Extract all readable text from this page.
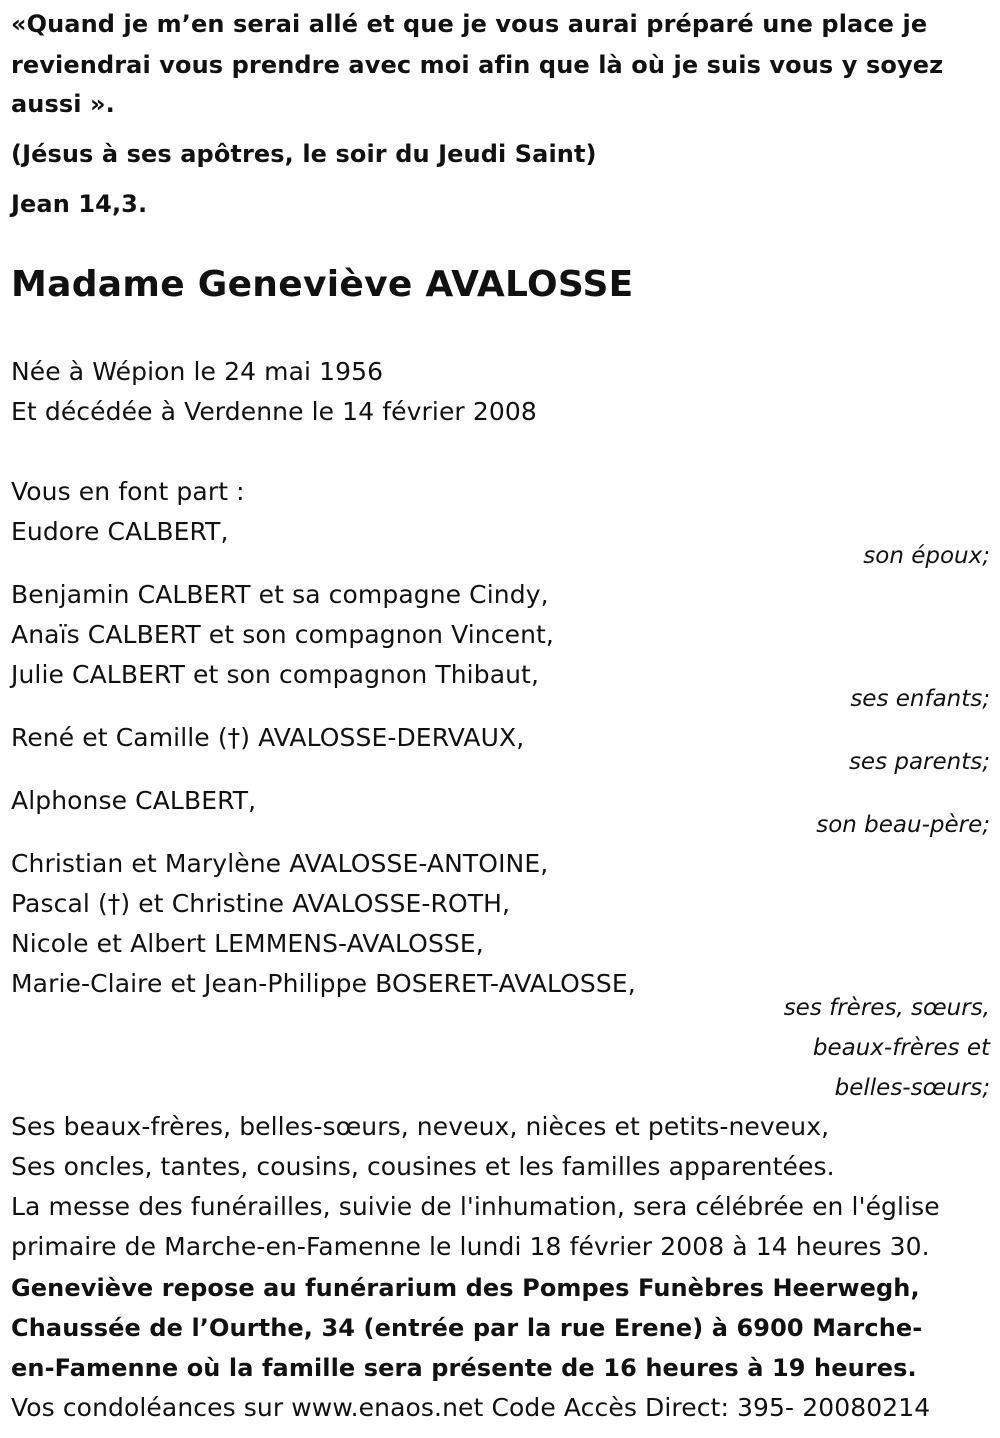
«Quand je m’en serai allé et que je vous aurai préparé une place je
reviendrai vous prendre avec moi afin que là où je suis vous y soyez
aussi ».
(Jésus à ses apôtres, le soir du Jeudi Saint)
Jean 14,3.
Madame Geneviève AVALOSSE
Née à Wépion le 24 mai 1956
Et décédée à Verdenne le 14 février 2008
Vous en font part :
Eudore CALBERT,
son époux;
Benjamin CALBERT et sa compagne Cindy,
Anaïs CALBERT et son compagnon Vincent,
Julie CALBERT et son compagnon Thibaut,
ses enfants;
René et Camille (†) AVALOSSE-DERVAUX,
ses parents;
Alphonse CALBERT,
son beau-père;
Christian et Marylène AVALOSSE-ANTOINE,
Pascal (†) et Christine AVALOSSE-ROTH,
Nicole et Albert LEMMENS-AVALOSSE,
Marie-Claire et Jean-Philippe BOSERET-AVALOSSE,
ses frères, sœurs,
beaux-frères et
belles-sœurs;
Ses beaux-frères, belles-sœurs, neveux, nièces et petits-neveux,
Ses oncles, tantes, cousins, cousines et les familles apparentées.
La messe des funérailles, suivie de l'inhumation, sera célébrée en l'église
primaire de Marche-en-Famenne le lundi 18 février 2008 à 14 heures 30.
Geneviève repose au funérarium des Pompes Funèbres Heerwegh,
Chaussée de l’Ourthe, 34 (entrée par la rue Erene) à 6900 Marche-
en-Famenne où la famille sera présente de 16 heures à 19 heures.
Vos condoléances sur www.enaos.net Code Accès Direct: 395- 20080214
